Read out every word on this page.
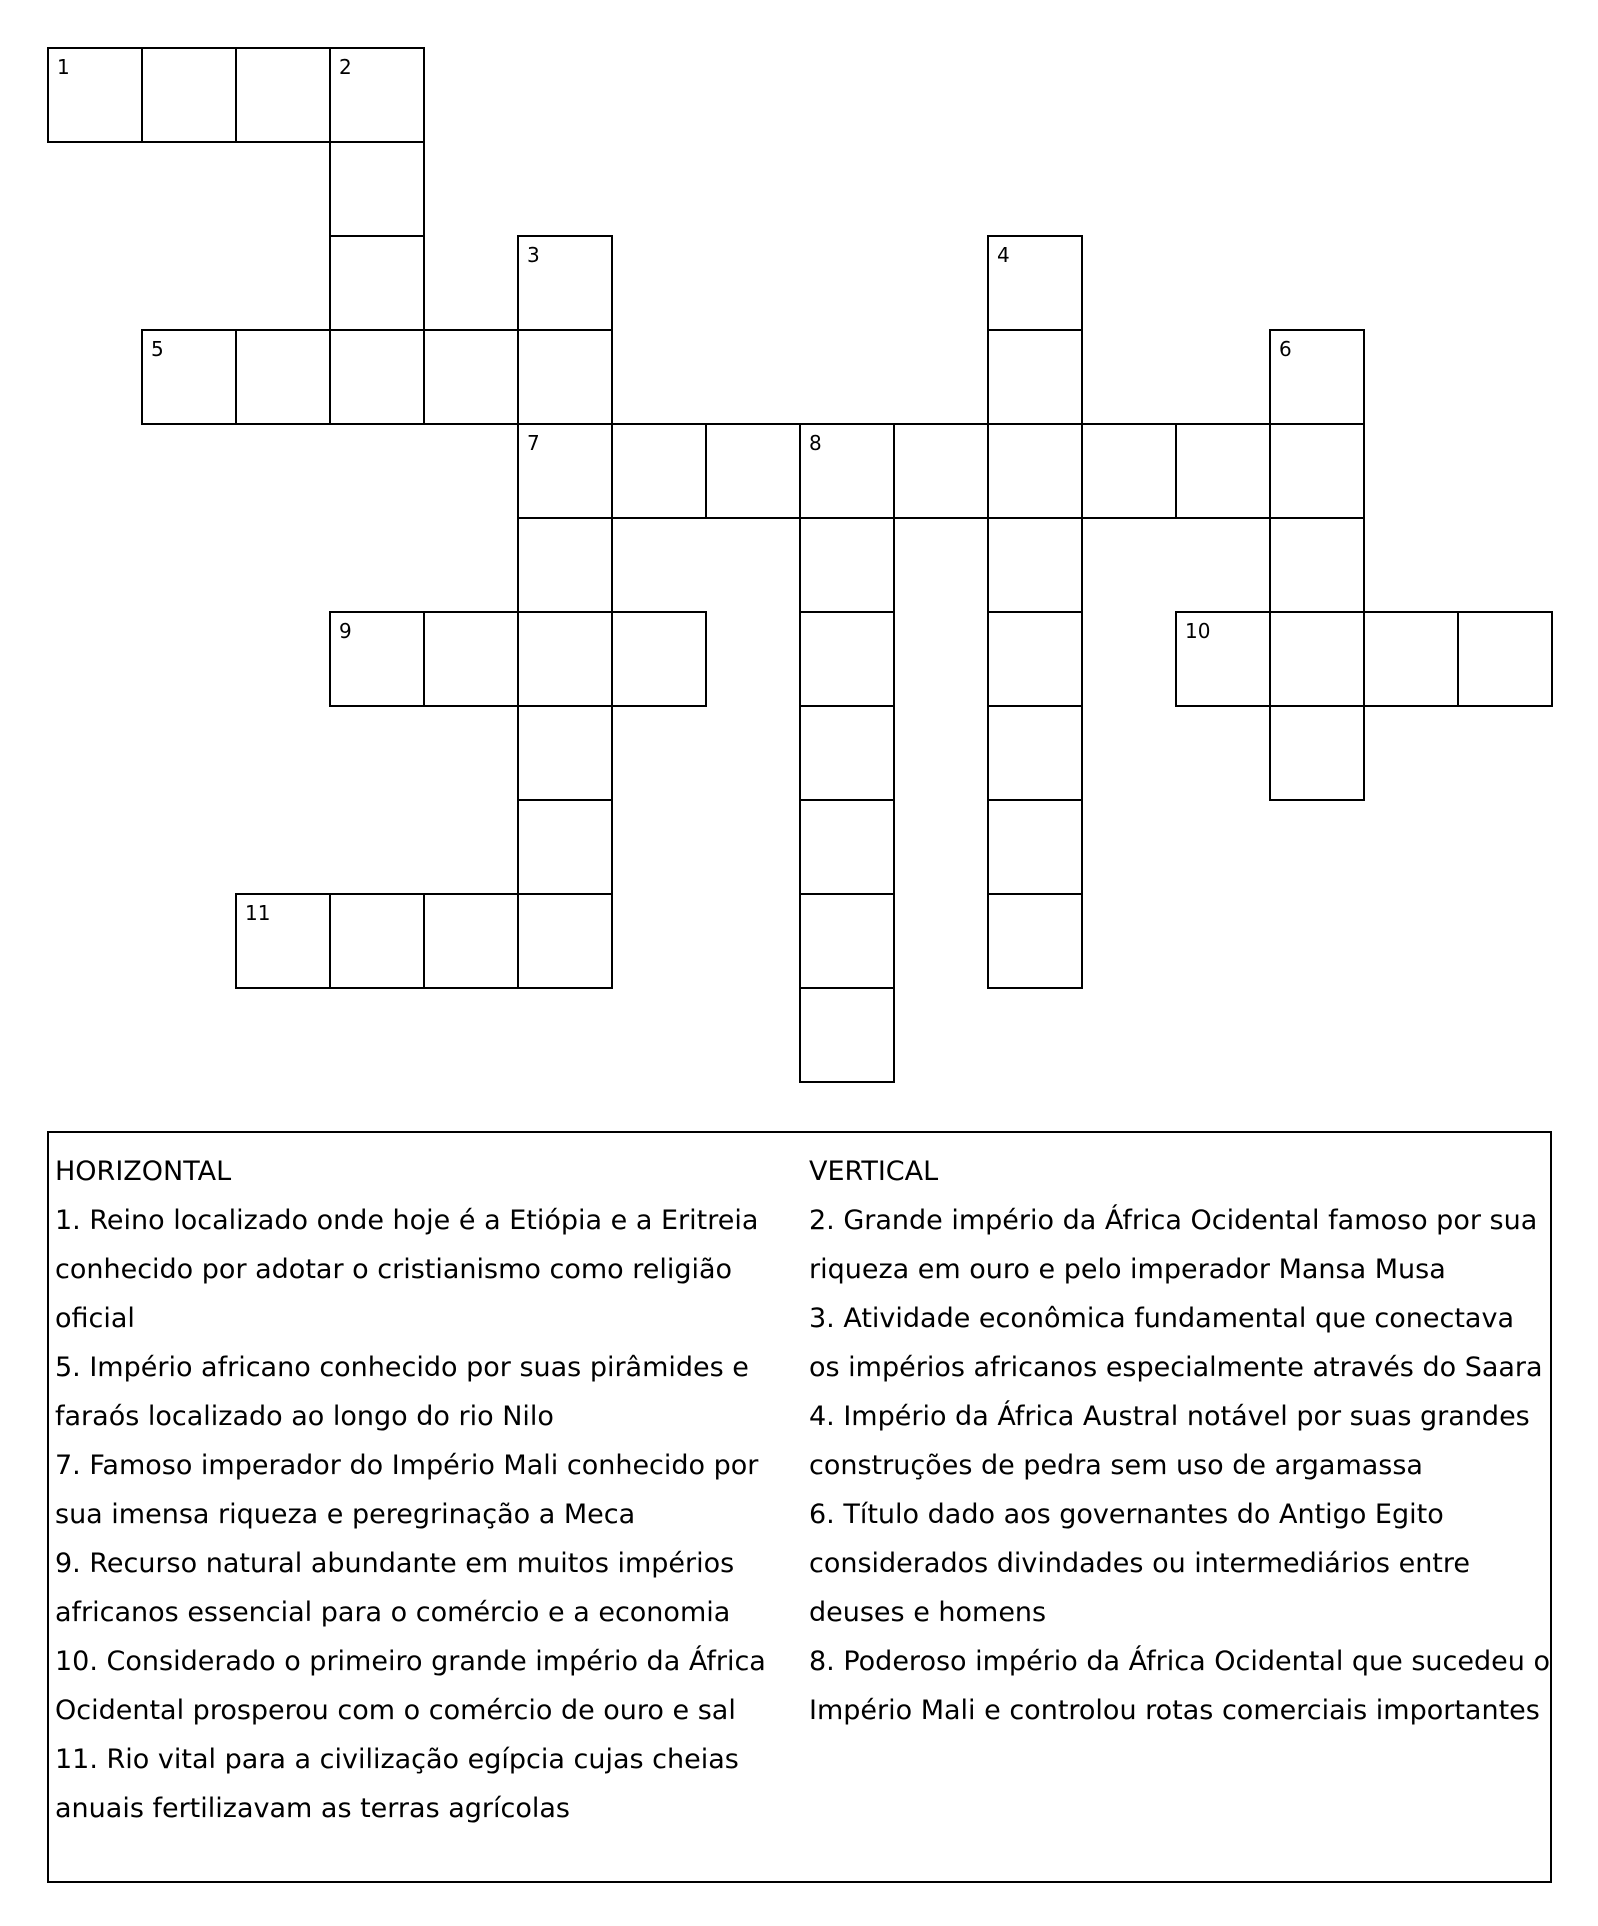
1	2
3
7
4
5	6
8
9	10
11

HORIZONTAL

1. Reino localizado onde hoje é a Etiópia e a Eritreia conhecido por adotar o cristianismo como religião oficial

5. Império africano conhecido por suas pirâmides e faraós localizado ao longo do rio Nilo

7. Famoso imperador do Império Mali conhecido por sua imensa riqueza e peregrinação a Meca

9. Recurso natural abundante em muitos impérios africanos essencial para o comércio e a economia

10. Considerado o primeiro grande império da África Ocidental prosperou com o comércio de ouro e sal

11. Rio vital para a civilização egípcia cujas cheias anuais fertilizavam as terras agrícolas

VERTICAL

2. Grande império da África Ocidental famoso por sua riqueza em ouro e pelo imperador Mansa Musa

3. Atividade econômica fundamental que conectava os impérios africanos especialmente através do Saara

4. Império da África Austral notável por suas grandes construções de pedra sem uso de argamassa

6. Título dado aos governantes do Antigo Egito considerados divindades ou intermediários entre deuses e homens

8. Poderoso império da África Ocidental que sucedeu o Império Mali e controlou rotas comerciais importantes
